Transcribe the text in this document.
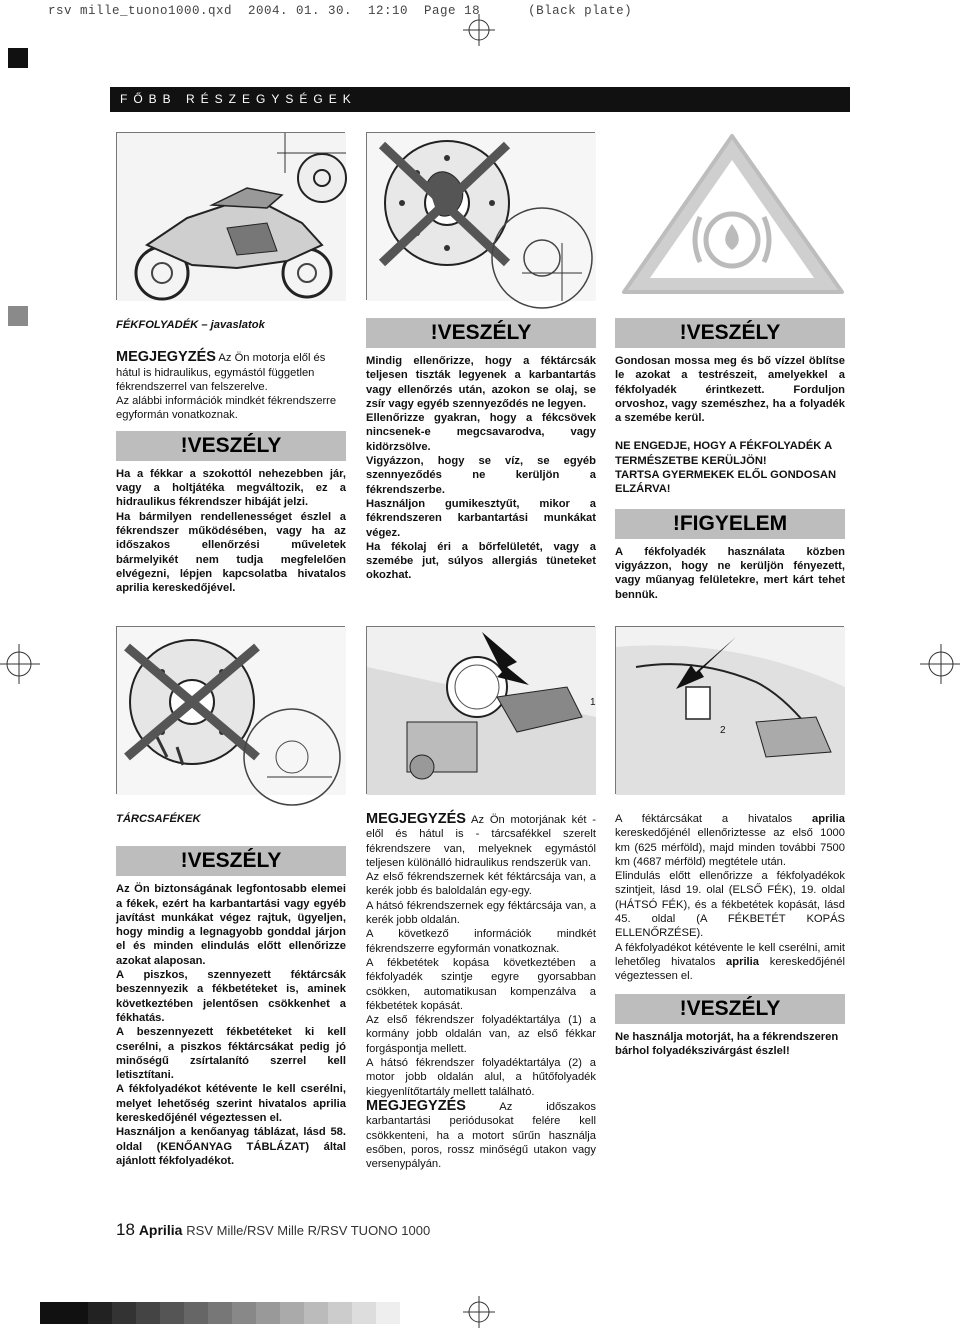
rsv mille_tuono1000.qxd  2004. 01. 30.  12:10  Page 18      (Black plate)
FŐBB RÉSZEGYSÉGEK

FÉKFOLYADÉK – javaslatok

MEGJEGYZÉS Az Ön motorja elől és hátul is hidraulikus, egymástól független fékrendszerrel van felszerelve.

Az alábbi információk mindkét fékrendszerre egyformán vonatkoznak.

!VESZÉLY

Ha a fékkar a szokottól nehezebben jár, vagy a holtjátéka megváltozik, ez a hidraulikus fékrendszer hibáját jelzi.

Ha bármilyen rendellenességet észlel a fékrendszer működésében, vagy ha az időszakos ellenőrzési műveletek bármelyikét nem tudja megfelelően elvégezni, lépjen kapcsolatba hivatalos aprilia kereskedőjével.

!VESZÉLY

Mindig ellenőrizze, hogy a féktárcsák teljesen tiszták legyenek a karbantartás vagy ellenőrzés után, azokon se olaj, se zsír vagy egyéb szennyeződés ne legyen.

Ellenőrizze gyakran, hogy a fékcsövek nincsenek-e megcsavarodva, vagy kidörzsölve.

Vigyázzon, hogy se víz, se egyéb szennyeződés ne kerüljön a fékrendszerbe.

Használjon gumikesztyűt, mikor a fékrendszeren karbantartási munkákat végez.

Ha fékolaj éri a bőrfelületét, vagy a szemébe jut, súlyos allergiás tüneteket okozhat.

!VESZÉLY

Gondosan mossa meg és bő vízzel öblítse le azokat a testrészeit, amelyekkel a fékfolyadék érintkezett. Forduljon orvoshoz, vagy szemészhez, ha a folyadék a szemébe kerül.

NE ENGEDJE, HOGY A FÉKFOLYADÉK A TERMÉSZETBE KERÜLJÖN!

TARTSA GYERMEKEK ELŐL GONDOSAN ELZÁRVA!

!FIGYELEM

A fékfolyadék használata közben vigyázzon, hogy ne kerüljön fényezett, vagy műanyag felületekre, mert kárt tehet bennük.

1
2

TÁRCSAFÉKEK

!VESZÉLY

Az Ön biztonságának legfontosabb elemei a fékek, ezért ha karbantartási vagy egyéb javítást munkákat végez rajtuk, ügyeljen, hogy mindig a legnagyobb gonddal járjon el és minden elindulás előtt ellenőrizze azokat alaposan.

A piszkos, szennyezett féktárcsák beszennyezik a fékbetéteket is, aminek következtében jelentősen csökkenhet a fékhatás.

A beszennyezett fékbetéteket ki kell cserélni, a piszkos féktárcsákat pedig jó minőségű zsírtalanító szerrel kell letisztítani.

A fékfolyadékot kétévente le kell cserélni, melyet lehetőség szerint hivatalos aprilia kereskedőjénél végeztessen el.

Használjon a kenőanyag táblázat, lásd 58. oldal (KENŐANYAG TÁBLÁZAT) által ajánlott fékfolyadékot.

MEGJEGYZÉS Az Ön motorjának két - elől és hátul is - tárcsafékkel szerelt fékrendszere van, melyeknek egymástól teljesen különálló hidraulikus rendszerük van.

Az első fékrendszernek két féktárcsája van, a kerék jobb és baloldalán egy-egy.

A hátsó fékrendszernek egy féktárcsája van, a kerék jobb oldalán.

A következő információk mindkét fékrendszerre egyformán vonatkoznak.

A fékbetétek kopása következtében a fékfolyadék szintje egyre gyorsabban csökken, automatikusan kompenzálva a fékbetétek kopását.

Az első fékrendszer folyadéktartálya (1) a kormány jobb oldalán van, az első fékkar forgáspontja mellett.

A hátsó fékrendszer folyadéktartálya (2) a motor jobb oldalán alul, a hűtőfolyadék kiegyenlítőtartály mellett található.

MEGJEGYZÉS Az időszakos karbantartási periódusokat felére kell csökkenteni, ha a motort sűrűn használja esőben, poros, rossz minőségű utakon vagy versenypályán.

A féktárcsákat a hivatalos aprilia kereskedőjénél ellenőriztesse az első 1000 km (625 mérföld), majd minden további 7500 km (4687 mérföld) megtétele után.

Elindulás előtt ellenőrizze a fékfolyadékok szintjeit, lásd 19. olal (ELSŐ FÉK), 19. oldal (HÁTSÓ FÉK), és a fékbetétek kopását, lásd 45. oldal (A FÉKBETÉT KOPÁS ELLENŐRZÉSE).

A fékfolyadékot kétévente le kell cserélni, amit lehetőleg hivatalos aprilia kereskedőjénél végeztessen el.

!VESZÉLY

Ne használja motorját, ha a fékrendszeren bárhol folyadékszivárgást észlel!

18 Aprilia RSV Mille/RSV Mille R/RSV TUONO 1000
